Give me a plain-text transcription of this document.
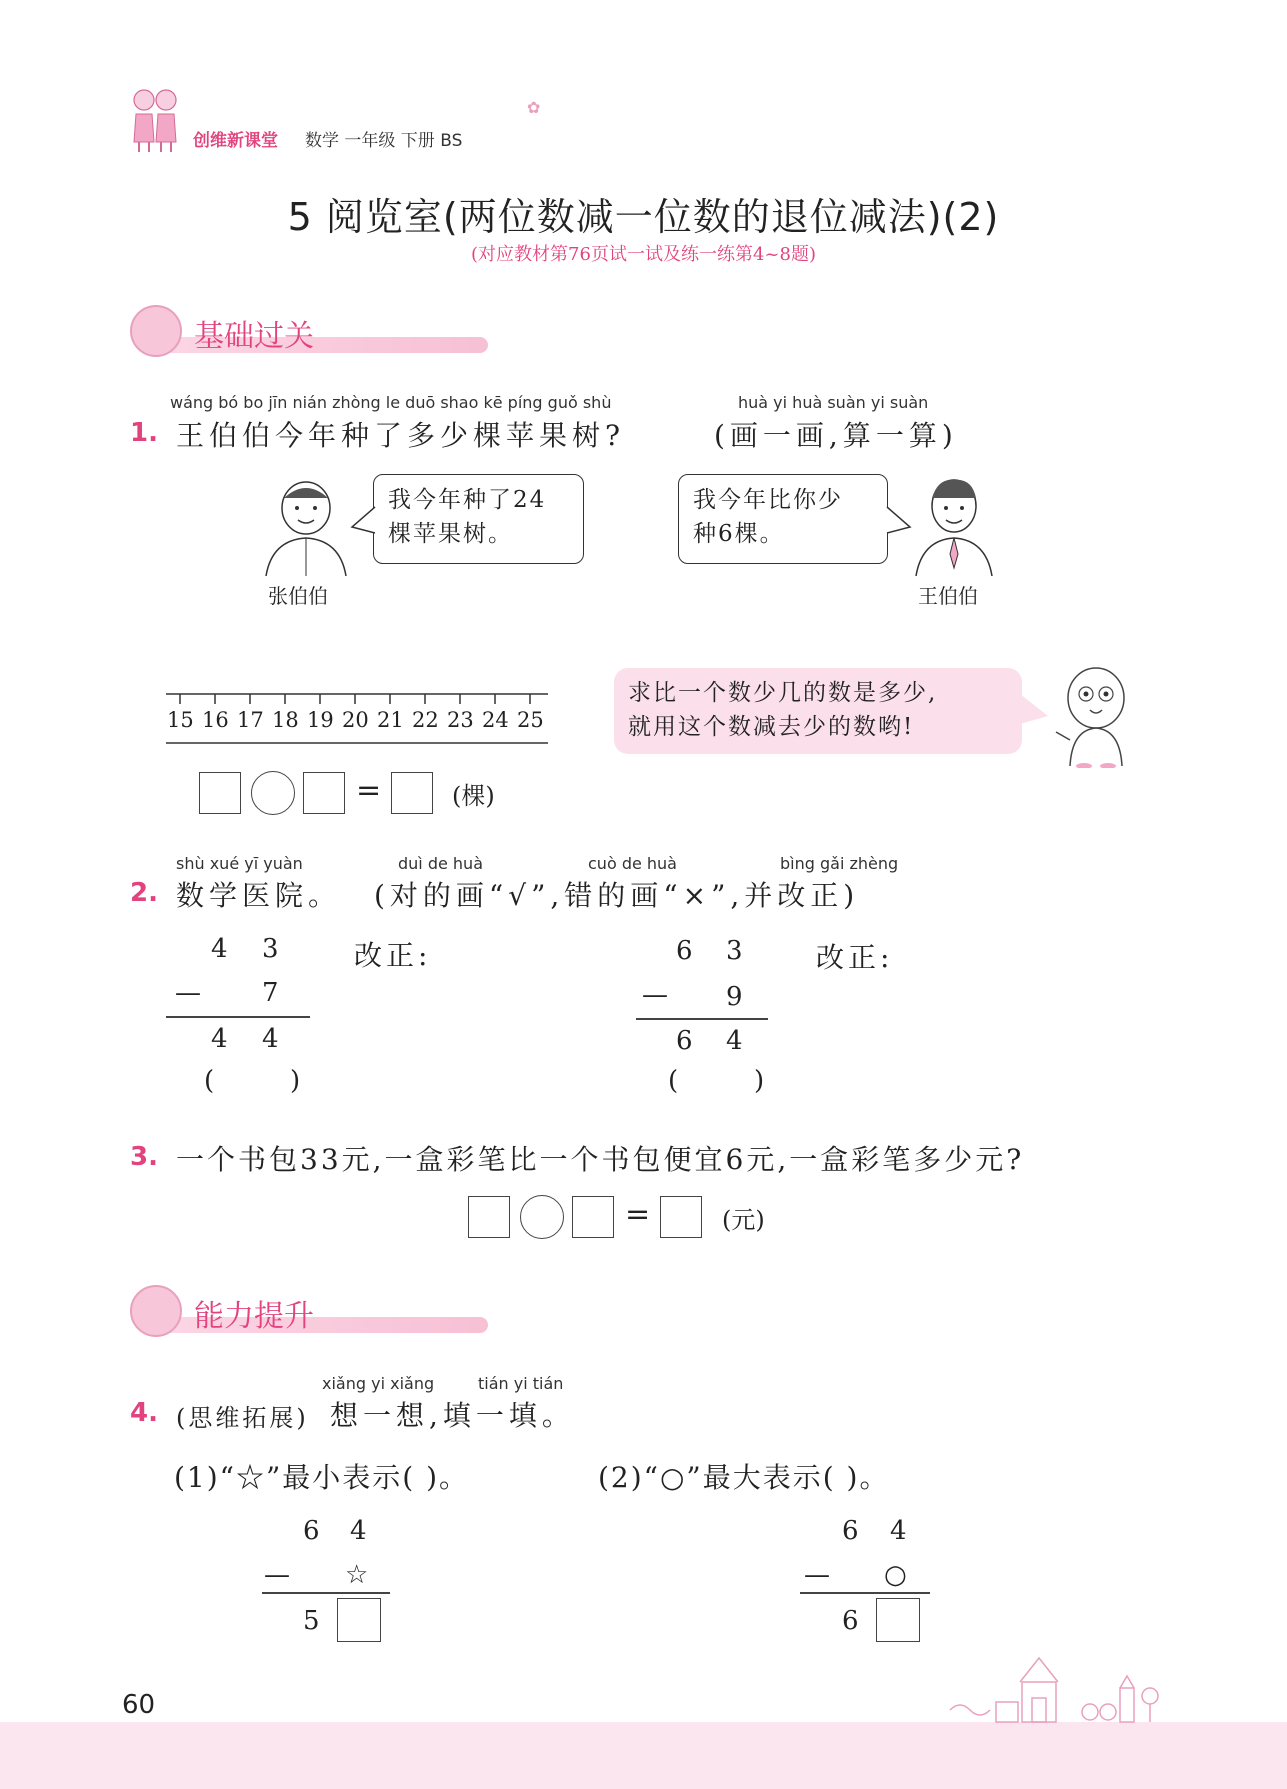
创维新课堂 数学 一年级 下册 BS
✿
5 阅览室(两位数减一位数的退位减法)(2)
(对应教材第76页试一试及练一练第4~8题)
基础过关
wáng bó bo jīn nián zhòng le duō shao kē píng guǒ shù	huà yi huà suàn yi suàn
1. 王伯伯今年种了多少棵苹果树?	(画一画,算一算)
张伯伯
我今年种了24
棵苹果树。
我今年比你少
种6棵。
王伯伯
15 16 17 18 19 20 21 22 23 24 25
求比一个数少几的数是多少,
就用这个数减去少的数哟!
=	(棵)
shù xué yī yuàn	duì de huà	cuò de huà	bìng gǎi zhèng
2. 数学医院。 (对的画“√”,错的画“×”,并改正)
4 3
— 7
4 4
(	)
改正:	6 3
— 9
6 4
(	)
改正:
3. 一个书包33元,一盒彩笔比一个书包便宜6元,一盒彩笔多少元?
=	(元)
能力提升
xiǎng yi xiǎng	tián yi tián
4. (思维拓展) 想一想,填一填。
(1)“☆”最小表示( )。	(2)“○”最大表示( )。
6 4
— ☆
5
6 4
— ○
6
60
